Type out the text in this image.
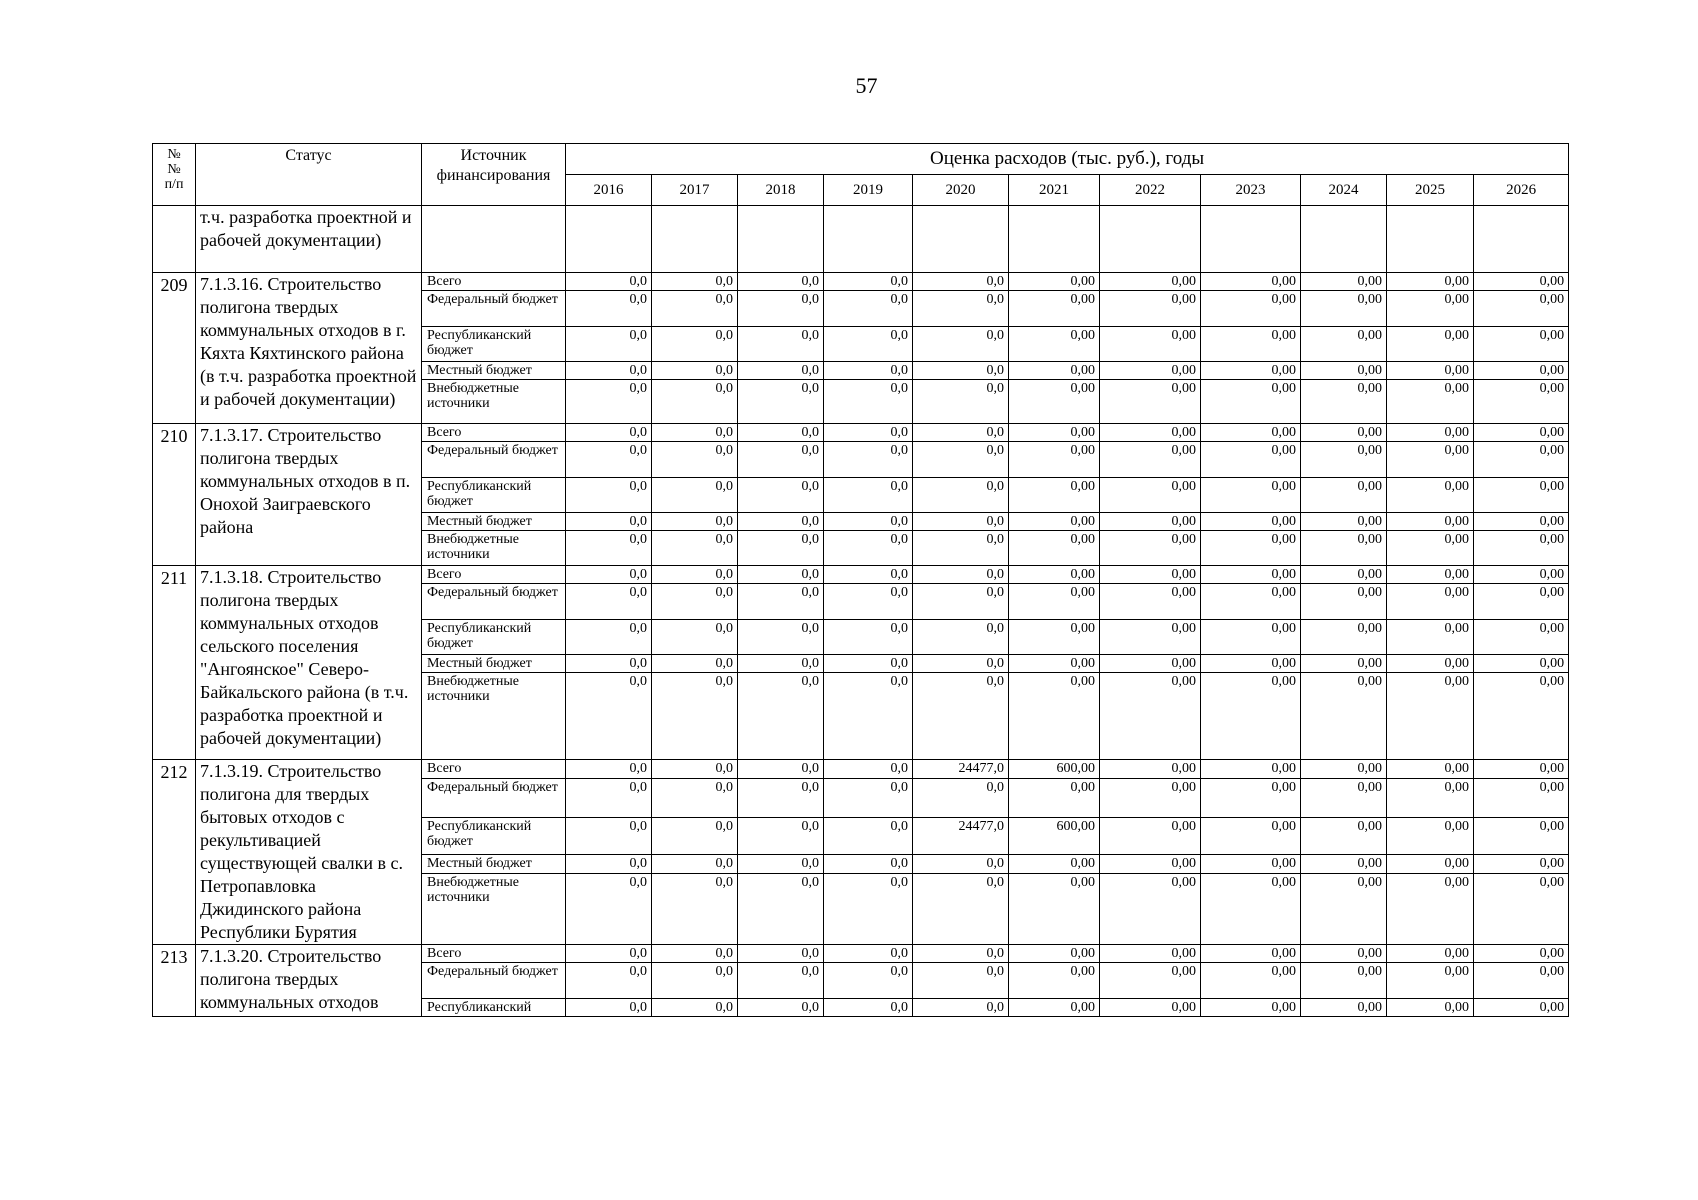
57
№
№
п/п	Статус	Источник финансирования	Оценка расходов (тыс. руб.), годы										
			2016	2017	2018	2019	2020	2021	2022	2023	2024	2025	2026
	т.ч. разработка проектной и рабочей документации)												
209	7.1.3.16. Строительство полигона твердых коммунальных отходов в г. Кяхта Кяхтинского района (в т.ч. разработка проектной и рабочей документации)	Всего	0,0	0,0	0,0	0,0	0,0	0,00	0,00	0,00	0,00	0,00	0,00
		Федеральный бюджет	0,0	0,0	0,0	0,0	0,0	0,00	0,00	0,00	0,00	0,00	0,00
		Республиканский бюджет	0,0	0,0	0,0	0,0	0,0	0,00	0,00	0,00	0,00	0,00	0,00
		Местный бюджет	0,0	0,0	0,0	0,0	0,0	0,00	0,00	0,00	0,00	0,00	0,00
		Внебюджетные источники	0,0	0,0	0,0	0,0	0,0	0,00	0,00	0,00	0,00	0,00	0,00
210	7.1.3.17. Строительство полигона твердых коммунальных отходов в п. Онохой Заиграевского района	Всего	0,0	0,0	0,0	0,0	0,0	0,00	0,00	0,00	0,00	0,00	0,00
		Федеральный бюджет	0,0	0,0	0,0	0,0	0,0	0,00	0,00	0,00	0,00	0,00	0,00
		Республиканский бюджет	0,0	0,0	0,0	0,0	0,0	0,00	0,00	0,00	0,00	0,00	0,00
		Местный бюджет	0,0	0,0	0,0	0,0	0,0	0,00	0,00	0,00	0,00	0,00	0,00
		Внебюджетные источники	0,0	0,0	0,0	0,0	0,0	0,00	0,00	0,00	0,00	0,00	0,00
211	7.1.3.18. Строительство полигона твердых коммунальных отходов сельского поселения "Ангоянское" Северо-Байкальского района (в т.ч. разработка проектной и рабочей документации)	Всего	0,0	0,0	0,0	0,0	0,0	0,00	0,00	0,00	0,00	0,00	0,00
		Федеральный бюджет	0,0	0,0	0,0	0,0	0,0	0,00	0,00	0,00	0,00	0,00	0,00
		Республиканский бюджет	0,0	0,0	0,0	0,0	0,0	0,00	0,00	0,00	0,00	0,00	0,00
		Местный бюджет	0,0	0,0	0,0	0,0	0,0	0,00	0,00	0,00	0,00	0,00	0,00
		Внебюджетные источники	0,0	0,0	0,0	0,0	0,0	0,00	0,00	0,00	0,00	0,00	0,00
212	7.1.3.19. Строительство полигона для твердых бытовых отходов с рекультивацией существующей свалки в с. Петропавловка Джидинского района Республики Бурятия	Всего	0,0	0,0	0,0	0,0	24477,0	600,00	0,00	0,00	0,00	0,00	0,00
		Федеральный бюджет	0,0	0,0	0,0	0,0	0,0	0,00	0,00	0,00	0,00	0,00	0,00
		Республиканский бюджет	0,0	0,0	0,0	0,0	24477,0	600,00	0,00	0,00	0,00	0,00	0,00
		Местный бюджет	0,0	0,0	0,0	0,0	0,0	0,00	0,00	0,00	0,00	0,00	0,00
		Внебюджетные источники	0,0	0,0	0,0	0,0	0,0	0,00	0,00	0,00	0,00	0,00	0,00
213	7.1.3.20. Строительство полигона твердых коммунальных отходов	Всего	0,0	0,0	0,0	0,0	0,0	0,00	0,00	0,00	0,00	0,00	0,00
		Федеральный бюджет	0,0	0,0	0,0	0,0	0,0	0,00	0,00	0,00	0,00	0,00	0,00
		Республиканский	0,0	0,0	0,0	0,0	0,0	0,00	0,00	0,00	0,00	0,00	0,00
